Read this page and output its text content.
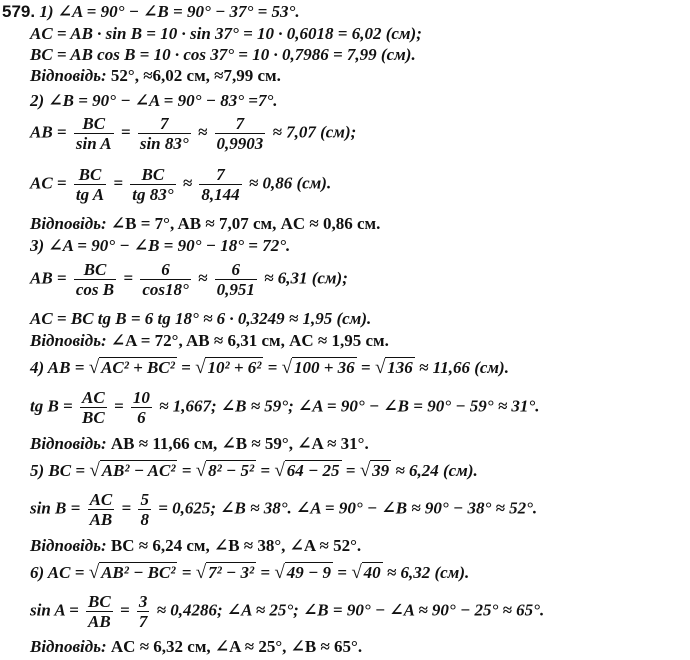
579. 1) ∠A = 90° − ∠B = 90° − 37° = 53°.
AC = AB · sin B = 10 · sin 37° = 10 · 0,6018 = 6,02 (см);
BC = AB cos B = 10 · cos 37° = 10 · 0,7986 = 7,99 (см).
Відповідь: 52°, ≈6,02 см, ≈7,99 см.
2) ∠B = 90° − ∠A = 90° − 83° =7°.
AB = $\frac{BC}{\text{sin A}} = \frac{7}{\sin 83^\circ} \approx \frac{7}{0,9903} \approx 7,07$ (см);
AC = $\frac{BC}{\text{tg A}} = \frac{BC}{tg 83^\circ} \approx \frac{7}{8,144} \approx 0,86$ (см).
Відповідь: ∠B = 7°, AB ≈ 7,07 см, AC ≈ 0,86 см.
3) ∠A = 90° − ∠B = 90° − 18° = 72°.
AB = $\frac{BC}{\text{cos B}} = \frac{6}{\cos 18^\circ} \approx \frac{6}{0,951} \approx 6,31$ (см);
AC = BC tg B = 6 tg 18° ≈ 6 · 0,3249 ≈ 1,95 (см).
Відповідь: ∠A = 72°, AB ≈ 6,31 см, AC ≈ 1,95 см.
4) AB = √ AC² + BC² = √ 10² + 6² = √ 100 + 36 = √ 136 ≈ 11,66 (см).
tg $B = \frac{AC}{BC} = \frac{10}{6} \approx 1,667$; ∠B ≈ 59°; ∠A = 90° − ∠B = 90° − 59° ≈ 31°.
Відповідь: AB ≈ 11,66 см, ∠B ≈ 59°, ∠A ≈ 31°.
5) BC = √ AB² − AC² = √ 8² − 5² = √ 64 − 25 = √ 39 ≈ 6,24 (см).
$\sin B = \frac{AC}{AB} = \frac{5}{8} = 0,625$; ∠B ≈ 38°. ∠A = 90° − ∠B ≈ 90° − 38° ≈ 52°.
Відповідь: BC ≈ 6,24 см, ∠B ≈ 38°, ∠A ≈ 52°.
6) AC = √ AB² − BC² = √ 7² − 3² = √ 49 − 9 = √ 40 ≈ 6,32 (см).
$\sin A = \frac{BC}{AB} = \frac{3}{7} \approx 0,4286$; ∠A ≈ 25°; ∠B = 90° − ∠A ≈ 90° − 25° ≈ 65°.
Відповідь: AC ≈ 6,32 см, ∠A ≈ 25°, ∠B ≈ 65°.
